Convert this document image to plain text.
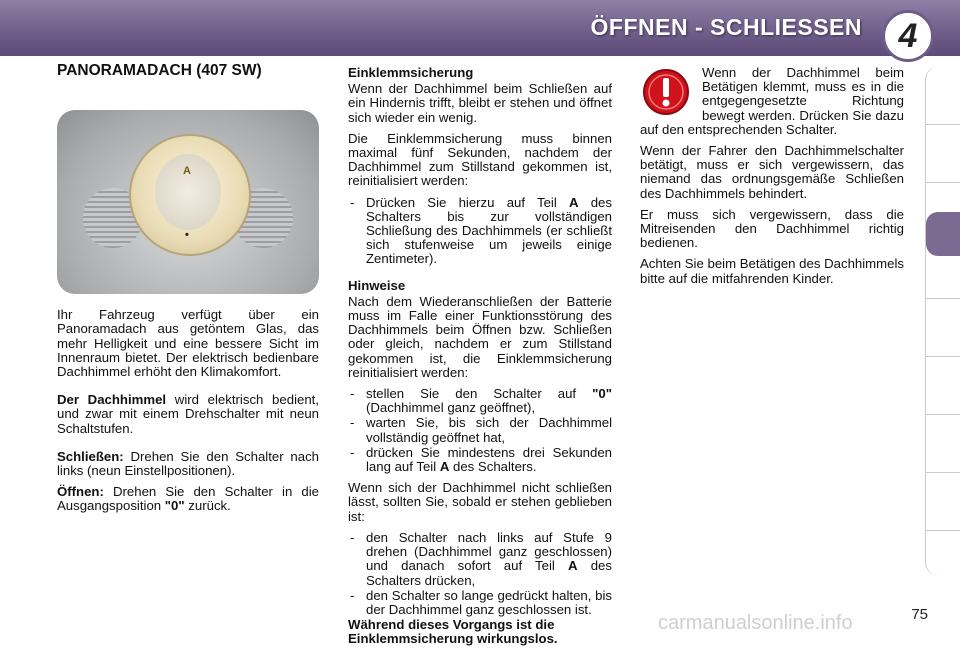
ÖFFNEN - SCHLIESSEN	4
PANORAMADACH (407 SW)
A
•

Ihr Fahrzeug verfügt über ein Panoramadach aus getöntem Glas, das mehr Helligkeit und eine bessere Sicht im Innenraum bietet. Der elektrisch bedienbare Dachhimmel erhöht den Klimakomfort.

Der Dachhimmel wird elektrisch bedient, und zwar mit einem Drehschalter mit neun Schaltstufen.

Schließen: Drehen Sie den Schalter nach links (neun Einstellpositionen).

Öffnen: Drehen Sie den Schalter in die Ausgangsposition "0" zurück.

Einklemmsicherung

Wenn der Dachhimmel beim Schließen auf ein Hindernis trifft, bleibt er stehen und öffnet sich wieder ein wenig.

Die Einklemmsicherung muss binnen maximal fünf Sekunden, nachdem der Dachhimmel zum Stillstand gekommen ist, reinitialisiert werden:

- Drücken Sie hierzu auf Teil A des Schalters bis zur vollständigen Schließung des Dachhimmels (er schließt sich stufenweise um jeweils einige Zentimeter).
Hinweise

Nach dem Wiederanschließen der Batterie muss im Falle einer Funktionsstörung des Dachhimmels beim Öffnen bzw. Schließen oder gleich, nachdem er zum Stillstand gekommen ist, die Einklemmsicherung reinitialisiert werden:

- stellen Sie den Schalter auf "0" (Dachhimmel ganz geöffnet),
- warten Sie, bis sich der Dachhimmel vollständig geöffnet hat,
- drücken Sie mindestens drei Sekunden lang auf Teil A des Schalters.

Wenn sich der Dachhimmel nicht schließen lässt, sollten Sie, sobald er stehen geblieben ist:

- den Schalter nach links auf Stufe 9 drehen (Dachhimmel ganz geschlossen) und danach sofort auf Teil A des Schalters drücken,
- den Schalter so lange gedrückt halten, bis der Dachhimmel ganz geschlossen ist.

Während dieses Vorgangs ist die Einklemmsicherung wirkungslos.

Wenn der Dachhimmel beim Betätigen klemmt, muss es in die entgegengesetzte Richtung bewegt werden. Drücken Sie dazu auf den entsprechenden Schalter.

Wenn der Fahrer den Dachhimmelschalter betätigt, muss er sich vergewissern, das niemand das ordnungsgemäße Schließen des Dachhimmels behindert.

Er muss sich vergewissern, dass die Mitreisenden den Dachhimmel richtig bedienen.

Achten Sie beim Betätigen des Dachhimmels bitte auf die mitfahrenden Kinder.

carmanualsonline.info	75
